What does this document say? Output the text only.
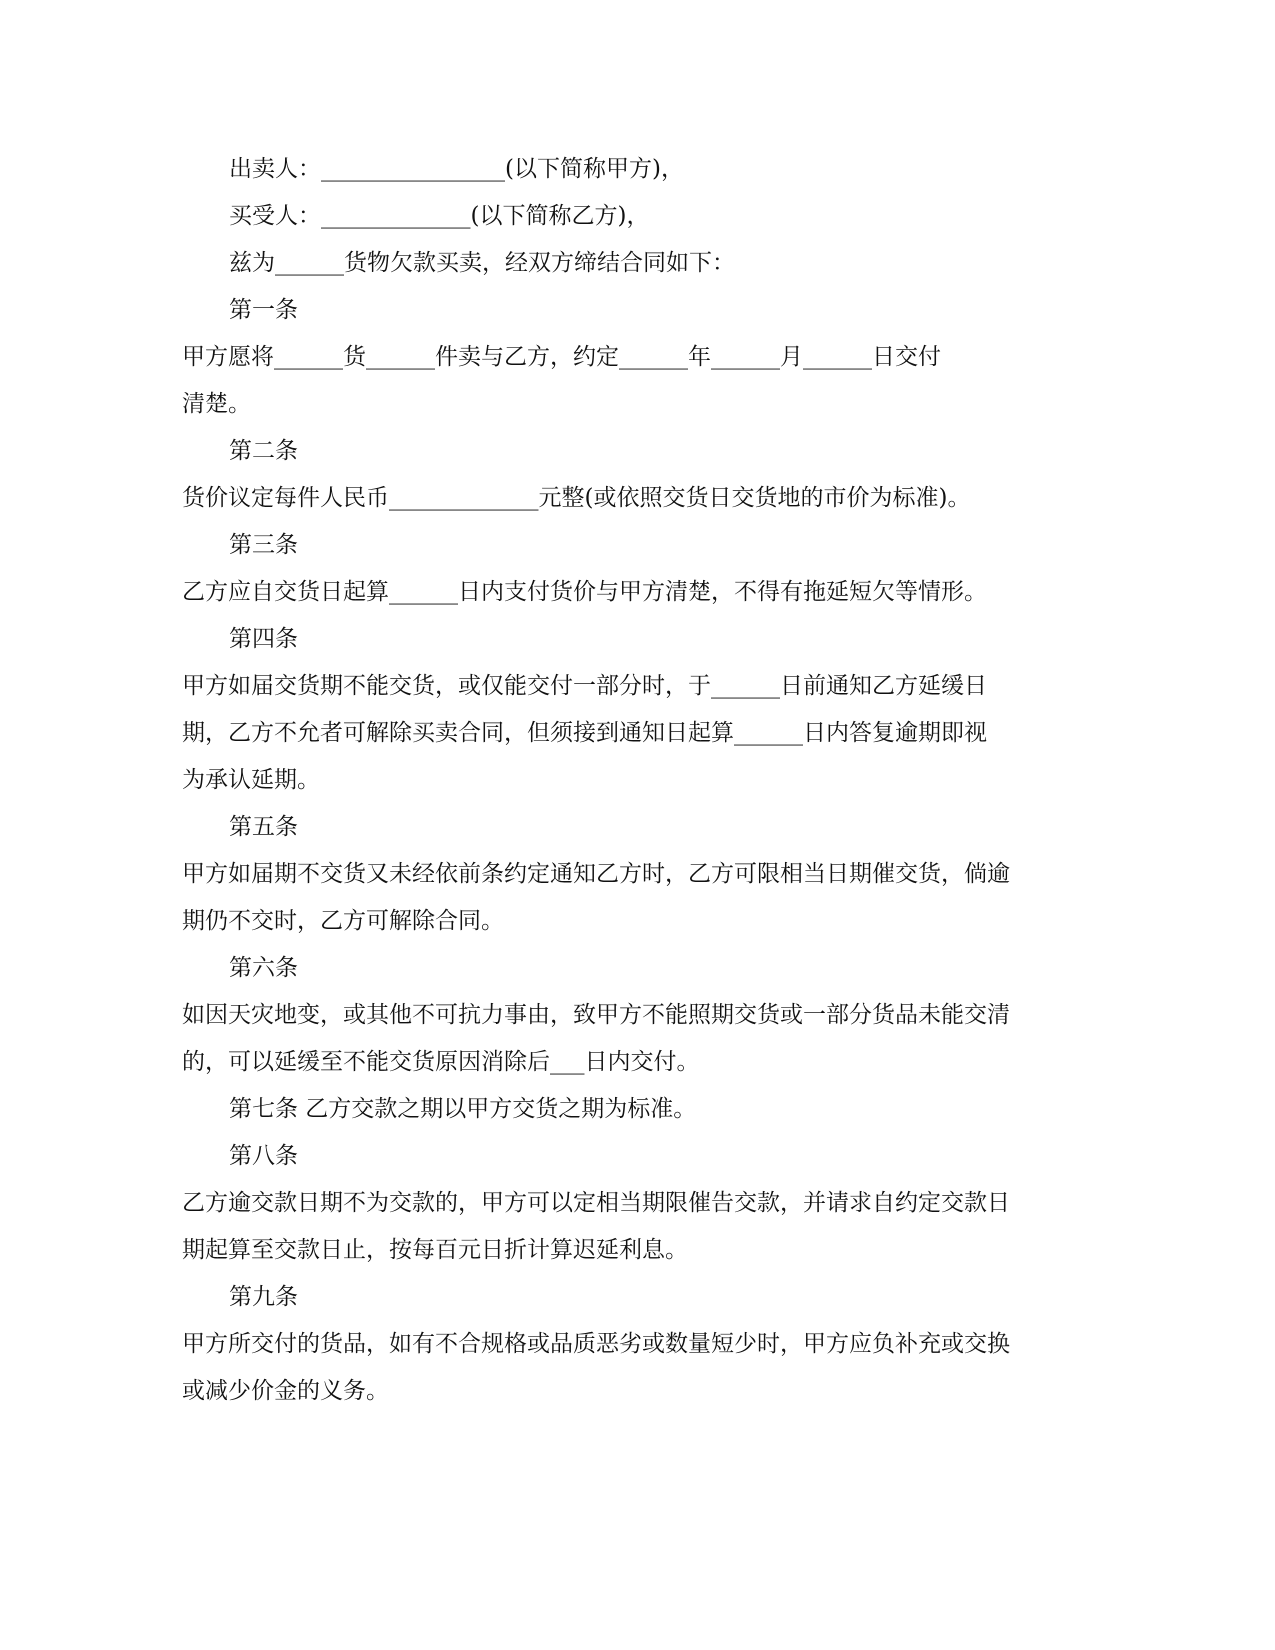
出卖人：________________(以下简称甲方)，
买受人：_____________(以下简称乙方)，
兹为______货物欠款买卖，经双方缔结合同如下：
第一条
甲方愿将______货______件卖与乙方，约定______年______月______日交付
清楚。
第二条
货价议定每件人民币_____________元整(或依照交货日交货地的市价为标准)。
第三条
乙方应自交货日起算______日内支付货价与甲方清楚，不得有拖延短欠等情形。
第四条
甲方如届交货期不能交货，或仅能交付一部分时，于______日前通知乙方延缓日
期，乙方不允者可解除买卖合同，但须接到通知日起算______日内答复逾期即视
为承认延期。
第五条
甲方如届期不交货又未经依前条约定通知乙方时，乙方可限相当日期催交货，倘逾
期仍不交时，乙方可解除合同。
第六条
如因天灾地变，或其他不可抗力事由，致甲方不能照期交货或一部分货品未能交清
的，可以延缓至不能交货原因消除后___日内交付。
第七条 乙方交款之期以甲方交货之期为标准。
第八条
乙方逾交款日期不为交款的，甲方可以定相当期限催告交款，并请求自约定交款日
期起算至交款日止，按每百元日折计算迟延利息。
第九条
甲方所交付的货品，如有不合规格或品质恶劣或数量短少时，甲方应负补充或交换
或减少价金的义务。
